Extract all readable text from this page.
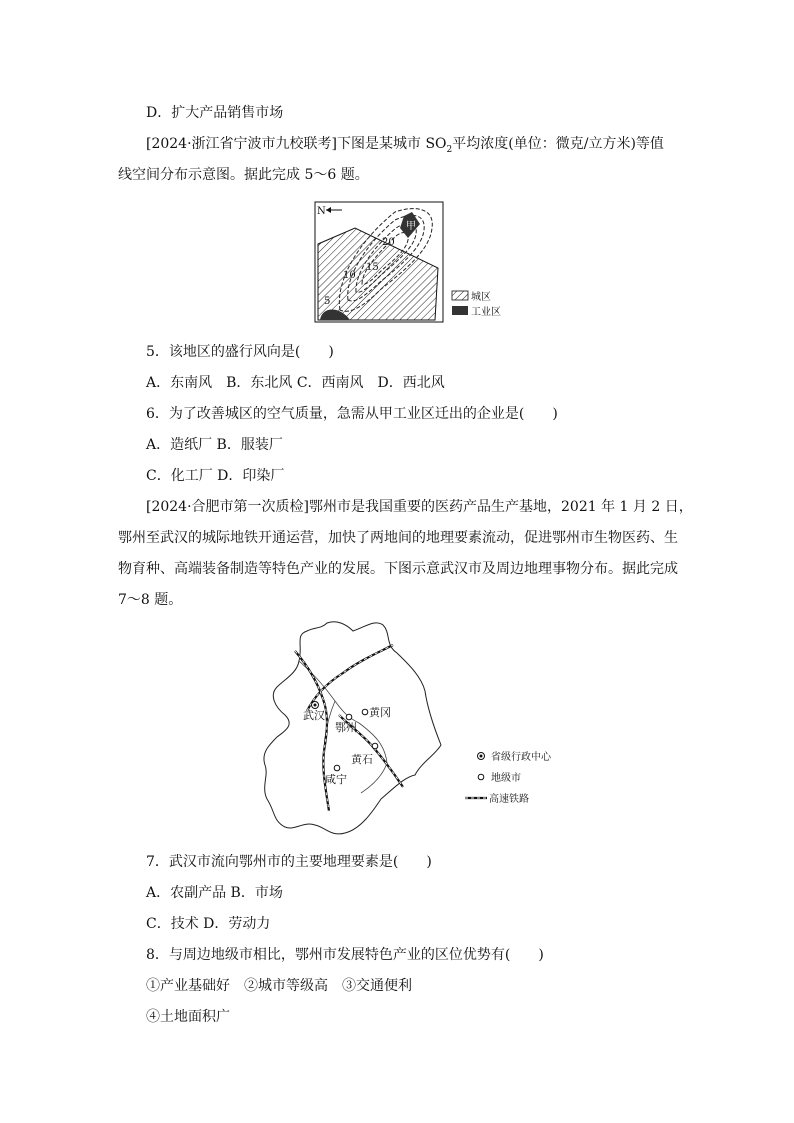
D．扩大产品销售市场
[2024·浙江省宁波市九校联考]下图是某城市 $SO_2$平均浓度(单位：微克/立方米)等值
线空间分布示意图。据此完成 5～6 题。
甲
N
20
15
10
5	城区
工业区
5．该地区的盛行风向是(　　)
A．东南风　B．东北风 C．西南风　D．西北风
6．为了改善城区的空气质量，急需从甲工业区迁出的企业是(　　)
A．造纸厂 B．服装厂
C．化工厂 D．印染厂
[2024·合肥市第一次质检]鄂州市是我国重要的医药产品生产基地，2021 年 1 月 2 日，
鄂州至武汉的城际地铁开通运营，加快了两地间的地理要素流动，促进鄂州市生物医药、生
物育种、高端装备制造等特色产业的发展。下图示意武汉市及周边地理事物分布。据此完成
7～8 题。
武汉
鄂州
黄冈
黄石
咸宁
省级行政中心
地级市
高速铁路
7．武汉市流向鄂州市的主要地理要素是(　　)
A．农副产品 B．市场
C．技术 D．劳动力
8．与周边地级市相比，鄂州市发展特色产业的区位优势有(　　)
①产业基础好　②城市等级高　③交通便利
④土地面积广
